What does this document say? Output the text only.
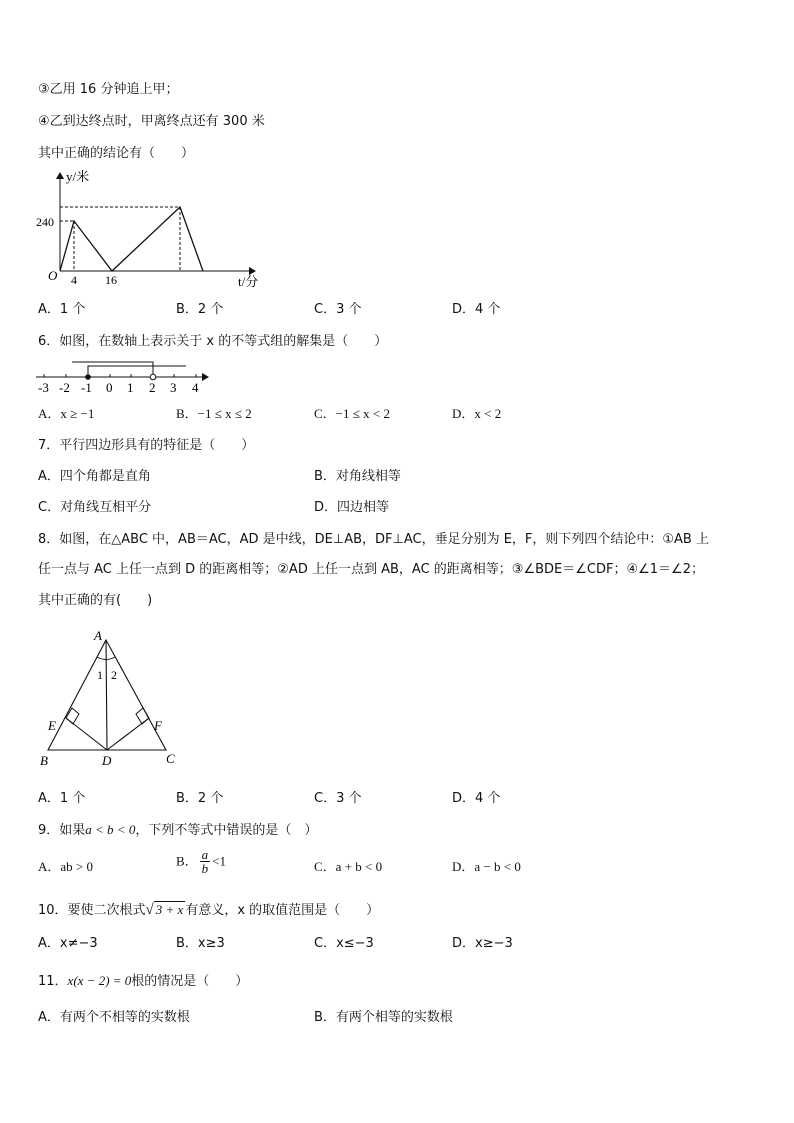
③乙用 16 分钟追上甲；
④乙到达终点时，甲离终点还有 300 米
其中正确的结论有（　　）
y/米
t/分
O
240
4 16
A．1 个	B．2 个	C．3 个	D．4 个
6．如图，在数轴上表示关于 x 的不等式组的解集是（　　）
-3 -2 -1 0 1 2 3 4
A．x ≥ −1	B．−1 ≤ x ≤ 2	C．−1 ≤ x < 2	D．x < 2
7．平行四边形具有的特征是（　　）
A．四个角都是直角	B．对角线相等
C．对角线互相平分	D．四边相等
8．如图，在△ABC 中，AB＝AC，AD 是中线，DE⊥AB，DF⊥AC，垂足分别为 E，F，则下列四个结论中：①AB 上
任一点与 AC 上任一点到 D 的距离相等；②AD 上任一点到 AB，AC 的距离相等；③∠BDE＝∠CDF；④∠1＝∠2；
其中正确的有(　　)
A
B	C
D
E	F
1 2
A．1 个	B．2 个	C．3 个	D．4 个
9．如果a < b < 0，下列不等式中错误的是（　）
A．ab > 0	B． $\frac{a}{b} <1$	C．a + b < 0	D．a − b < 0
10．要使二次根式√ 3 + x 有意义，x 的取值范围是（　　）
A．x≠−3	B．x≥3	C．x≤−3	D．x≥−3
11．x(x − 2) = 0根的情况是（　　）
A．有两个不相等的实数根	B．有两个相等的实数根
